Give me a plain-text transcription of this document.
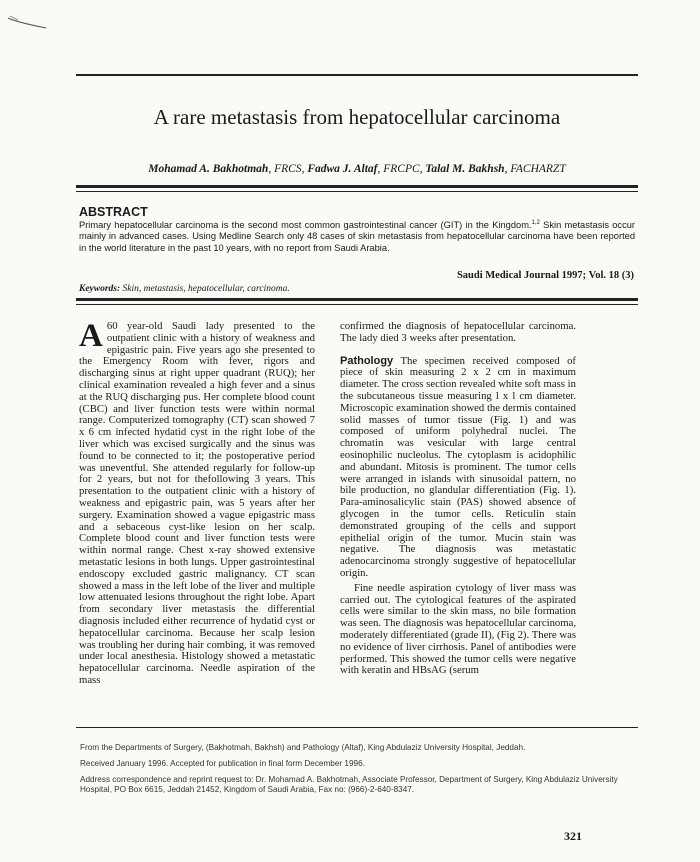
A rare metastasis from hepatocellular carcinoma
Mohamad A. Bakhotmah, FRCS, Fadwa J. Altaf, FRCPC, Talal M. Bakhsh, FACHARZT
ABSTRACT
Primary hepatocellular carcinoma is the second most common gastrointestinal cancer (GIT) in the Kingdom.$^{1,2}$ Skin metastasis occur mainly in advanced cases. Using Medline Search only 48 cases of skin metastasis from hepatocellular carcinoma have been reported in the world literature in the past 10 years, with no report from Saudi Arabia.
Saudi Medical Journal 1997; Vol. 18 (3)
Keywords: Skin, metastasis, hepatocellular, carcinoma.

A 60 year-old Saudi lady presented to the outpatient clinic with a history of weakness and epigastric pain. Five years ago she presented to the Emergency Room with fever, rigors and discharging sinus at right upper quadrant (RUQ); her clinical examination revealed a high fever and a sinus at the RUQ discharging pus. Her complete blood count (CBC) and liver function tests were within normal range. Computerized tomography (CT) scan showed 7 x 6 cm infected hydatid cyst in the right lobe of the liver which was excised surgically and the sinus was found to be connected to it; the postoperative period was uneventful. She attended regularly for follow-up for 2 years, but not for thefollowing 3 years. This presentation to the outpatient clinic with a history of weakness and epigastric pain, was 5 years after her surgery. Examination showed a vague epigastric mass and a sebaceous cyst-like lesion on her scalp. Complete blood count and liver function tests were within normal range. Chest x-ray showed extensive metastatic lesions in both lungs. Upper gastrointestinal endoscopy excluded gastric malignancy. CT scan showed a mass in the left lobe of the liver and multiple low attenuated lesions throughout the right lobe. Apart from secondary liver metastasis the differential diagnosis included either recurrence of hydatid cyst or hepatocellular carcinoma. Because her scalp lesion was troubling her during hair combing, it was removed under local anesthesia. Histology showed a metastatic hepatocellular carcinoma. Needle aspiration of the mass

confirmed the diagnosis of hepatocellular carcinoma. The lady died 3 weeks after presentation.

Pathology The specimen received composed of piece of skin measuring 2 x 2 cm in maximum diameter. The cross section revealed white soft mass in the subcutaneous tissue measuring l x l cm diameter. Microscopic examination showed the dermis contained solid masses of tumor tissue (Fig. 1) and was composed of uniform polyhedral nuclei. The chromatin was vesicular with large central eosinophilic nucleolus. The cytoplasm is acidophilic and abundant. Mitosis is prominent. The tumor cells were arranged in islands with sinusoidal pattern, no bile production, no glandular differentiation (Fig. 1). Para-aminosalicylic stain (PAS) showed absence of glycogen in the tumor cells. Reticulin stain demonstrated grouping of the cells and support epithelial origin of the tumor. Mucin stain was negative. The diagnosis was metastatic adenocarcinoma strongly suggestive of hepatocellular origin.

Fine needle aspiration cytology of liver mass was carried out. The cytological features of the aspirated cells were similar to the skin mass, no bile formation was seen. The diagnosis was hepatocellular carcinoma, moderately differentiated (grade II), (Fig 2). There was no evidence of liver cirrhosis. Panel of antibodies were performed. This showed the tumor cells were negative with keratin and HBsAG (serum

From the Departments of Surgery, (Bakhotmah, Bakhsh) and Pathology (Altaf), King Abdulaziz University Hospital, Jeddah.
Received January 1996. Accepted for publication in final form December 1996.
Address correspondence and reprint request to: Dr. Mohamad A. Bakhotmah, Associate Professor, Department of Surgery, King Abdulaziz University Hospital, PO Box 6615, Jeddah 21452, Kingdom of Saudi Arabia, Fax no: (966)-2-640-8347.
321
